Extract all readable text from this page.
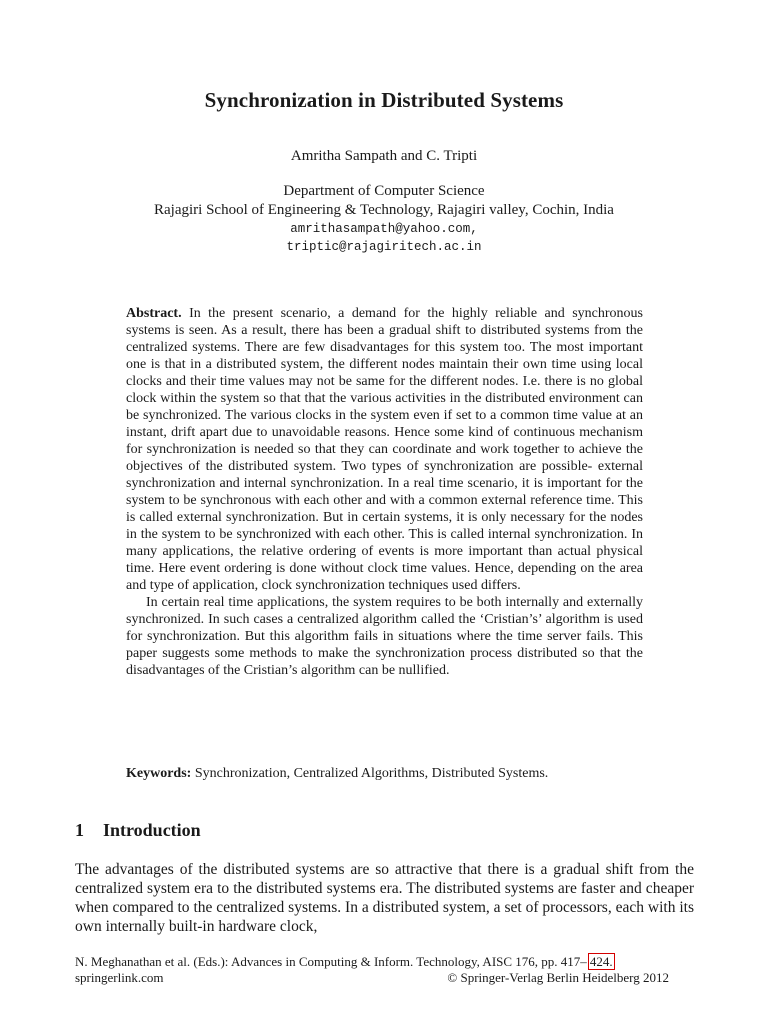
Synchronization in Distributed Systems
Amritha Sampath and C. Tripti
Department of Computer Science
Rajagiri School of Engineering & Technology, Rajagiri valley, Cochin, India
amrithasampath@yahoo.com,
triptic@rajagiritech.ac.in

Abstract. In the present scenario, a demand for the highly reliable and synchronous systems is seen. As a result, there has been a gradual shift to distributed systems from the centralized systems. There are few disadvantages for this system too. The most important one is that in a distributed system, the different nodes maintain their own time using local clocks and their time values may not be same for the different nodes. I.e. there is no global clock within the system so that that the various activities in the distributed environment can be synchronized. The various clocks in the system even if set to a common time value at an instant, drift apart due to unavoidable reasons. Hence some kind of continuous mechanism for synchronization is needed so that they can coordinate and work together to achieve the objectives of the distributed system. Two types of synchronization are possible- external synchronization and internal synchronization. In a real time scenario, it is important for the system to be synchronous with each other and with a common external reference time. This is called external synchronization. But in certain systems, it is only necessary for the nodes in the system to be synchronized with each other. This is called internal synchronization. In many applications, the relative ordering of events is more important than actual physical time. Here event ordering is done without clock time values. Hence, depending on the area and type of application, clock synchronization techniques used differs.

In certain real time applications, the system requires to be both internally and externally synchronized. In such cases a centralized algorithm called the ‘Cristian’s’ algorithm is used for synchronization. But this algorithm fails in situations where the time server fails. This paper suggests some methods to make the synchronization process distributed so that the disadvantages of the Cristian’s algorithm can be nullified.

Keywords: Synchronization, Centralized Algorithms, Distributed Systems.
1 Introduction

The advantages of the distributed systems are so attractive that there is a gradual shift from the centralized system era to the distributed systems era. The distributed systems are faster and cheaper when compared to the centralized systems. In a distributed system, a set of processors, each with its own internally built-in hardware clock,

N. Meghanathan et al. (Eds.): Advances in Computing & Inform. Technology, AISC 176, pp. 417– 424.
springerlink.com	© Springer-Verlag Berlin Heidelberg 2012
